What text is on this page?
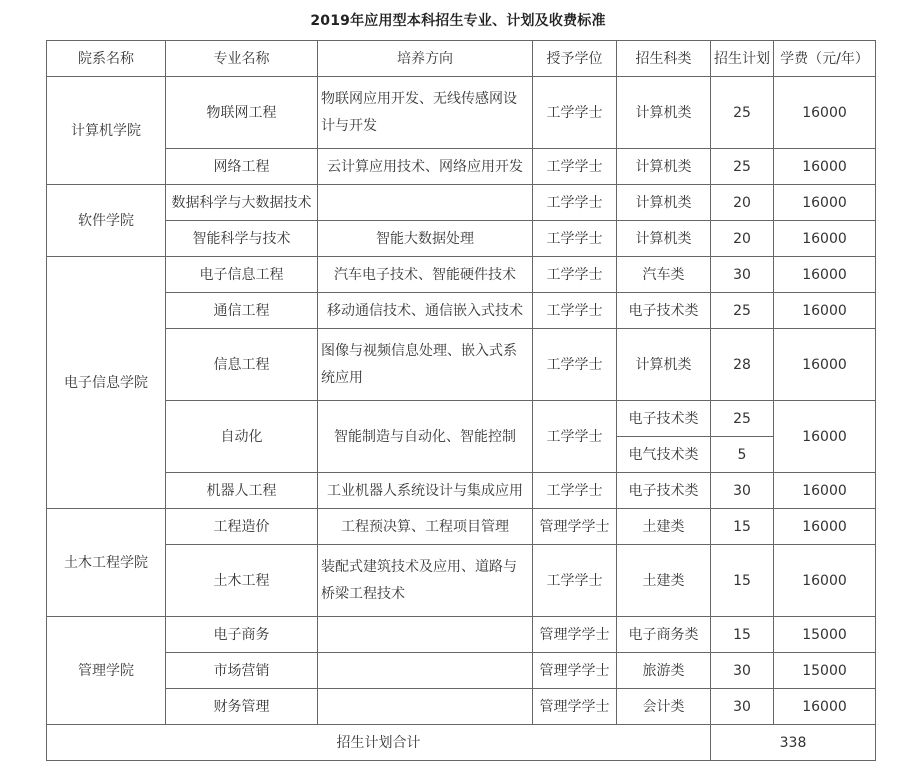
2019年应用型本科招生专业、计划及收费标准
院系名称	专业名称	培养方向	授予学位	招生科类	招生计划	学费（元/年）
计算机学院	物联网工程	物联网应用开发、无线传感网设计与开发	工学学士	计算机类	25	16000
	网络工程	云计算应用技术、网络应用开发	工学学士	计算机类	25	16000
软件学院	数据科学与大数据技术		工学学士	计算机类	20	16000
	智能科学与技术	智能大数据处理	工学学士	计算机类	20	16000
电子信息学院	电子信息工程	汽车电子技术、智能硬件技术	工学学士	汽车类	30	16000
	通信工程	移动通信技术、通信嵌入式技术	工学学士	电子技术类	25	16000
	信息工程	图像与视频信息处理、嵌入式系统应用	工学学士	计算机类	28	16000
	自动化	智能制造与自动化、智能控制	工学学士	电子技术类	25	16000
				电气技术类	5	
	机器人工程	工业机器人系统设计与集成应用	工学学士	电子技术类	30	16000
土木工程学院	工程造价	工程预决算、工程项目管理	管理学学士	土建类	15	16000
	土木工程	装配式建筑技术及应用、道路与桥梁工程技术	工学学士	土建类	15	16000
管理学院	电子商务		管理学学士	电子商务类	15	15000
	市场营销		管理学学士	旅游类	30	15000
	财务管理		管理学学士	会计类	30	16000
招生计划合计					338	
